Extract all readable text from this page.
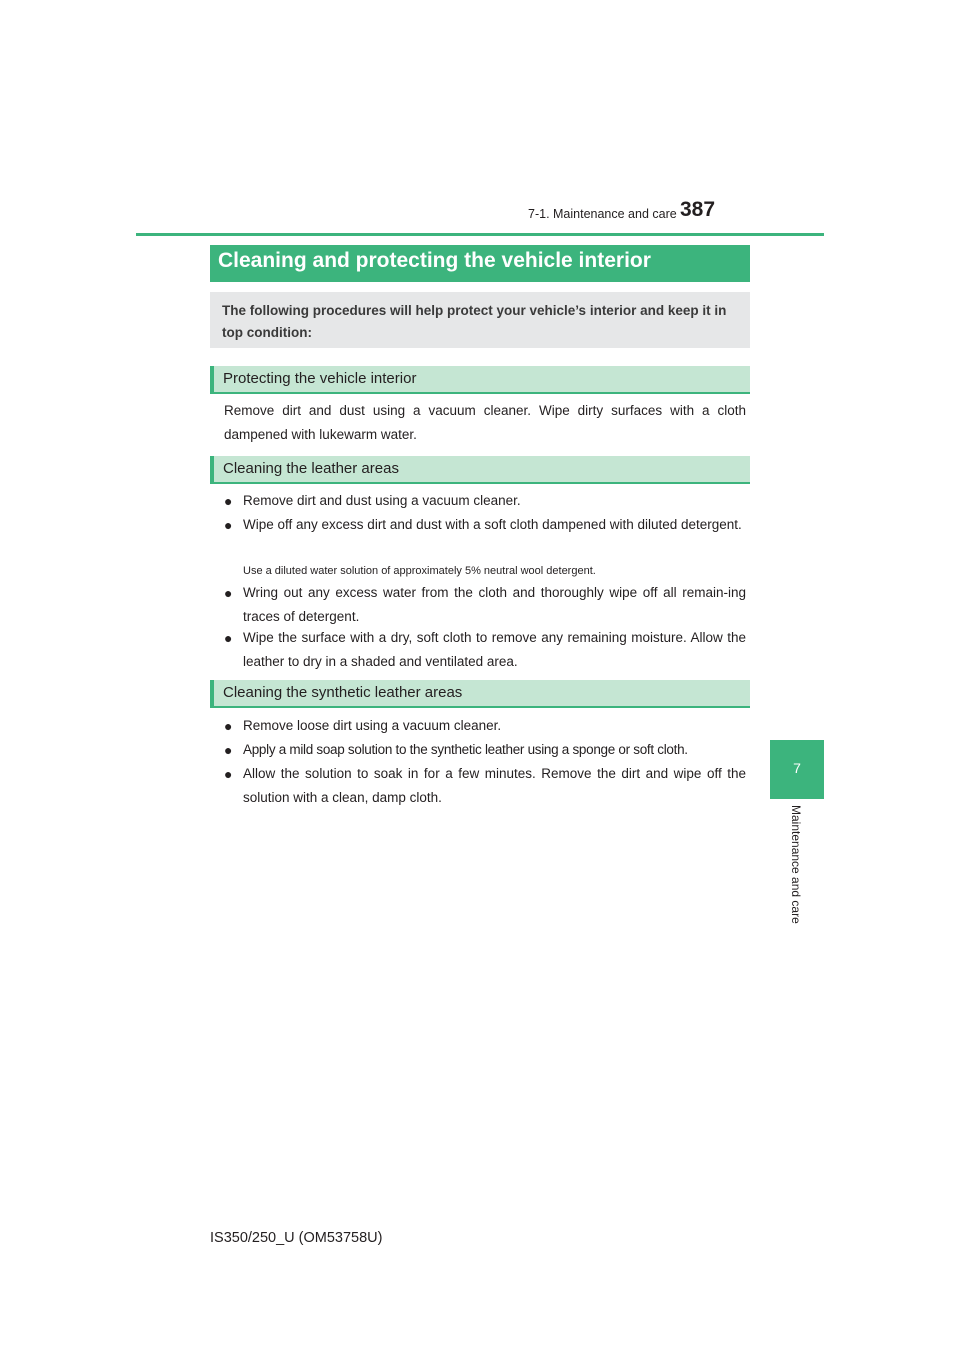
7-1. Maintenance and care 387
Cleaning and protecting the vehicle interior
The following procedures will help protect your vehicle’s interior and keep it in top condition:
Protecting the vehicle interior
Remove dirt and dust using a vacuum cleaner. Wipe dirty surfaces with a cloth dampened with lukewarm water.
Cleaning the leather areas
● Remove dirt and dust using a vacuum cleaner.
● Wipe off any excess dirt and dust with a soft cloth dampened with diluted detergent.
Use a diluted water solution of approximately 5% neutral wool detergent.
● Wring out any excess water from the cloth and thoroughly wipe off all remain-ing traces of detergent.
● Wipe the surface with a dry, soft cloth to remove any remaining moisture. Allow the leather to dry in a shaded and ventilated area.
Cleaning the synthetic leather areas
● Remove loose dirt using a vacuum cleaner.
● Apply a mild soap solution to the synthetic leather using a sponge or soft cloth.
● Allow the solution to soak in for a few minutes. Remove the dirt and wipe off the solution with a clean, damp cloth.
7
Maintenance and care
IS350/250_U (OM53758U)
